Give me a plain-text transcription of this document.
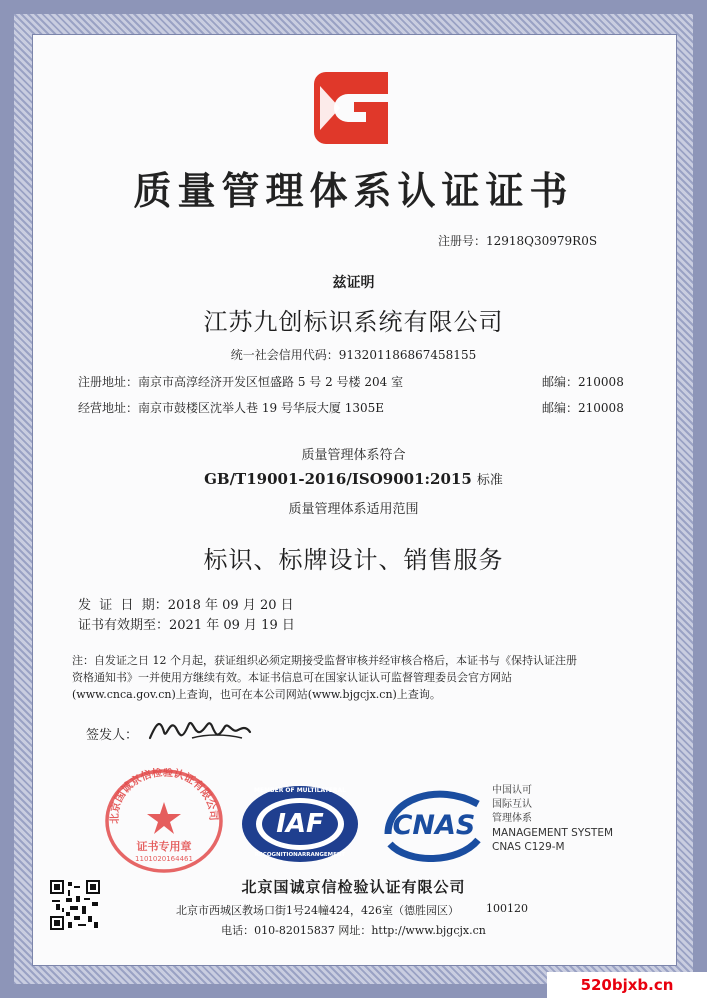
质量管理体系认证证书
注册号：12918Q30979R0S
兹证明
江苏九创标识系统有限公司
统一社会信用代码：913201186867458155
注册地址：南京市高淳经济开发区恒盛路 5 号 2 号楼 204 室	邮编：210008
经营地址：南京市鼓楼区沈举人巷 19 号华辰大厦 1305E	邮编：210008
质量管理体系符合
GB/T19001-2016/ISO9001:2015 标准
质量管理体系适用范围
标识、标牌设计、销售服务
发  证  日  期：2018 年 09 月 20 日
证书有效期至：2021 年 09 月 19 日
注：自发证之日 12 个月起，获证组织必须定期接受监督审核并经审核合格后，本证书与《保持认证注册
资格通知书》一并使用方继续有效。本证书信息可在国家认证认可监督管理委员会官方网站
(www.cnca.gov.cn)上查询，也可在本公司网站(www.bjgcjx.cn)上查询。
签发人：
北京国诚京信检验认证有限公司
证书专用章
1101020164461
MEMBER OF MULTILATERAL
IAF
RECOGNITIONARRANGEMENT
CNAS
中国认可
国际互认
管理体系
MANAGEMENT SYSTEM
CNAS C129-M
北京国诚京信检验认证有限公司
北京市西城区教场口街1号24幢424，426室（德胜园区） 100120
电话：010-82015837 网址：http://www.bjgcjx.cn
520bjxb.cn
